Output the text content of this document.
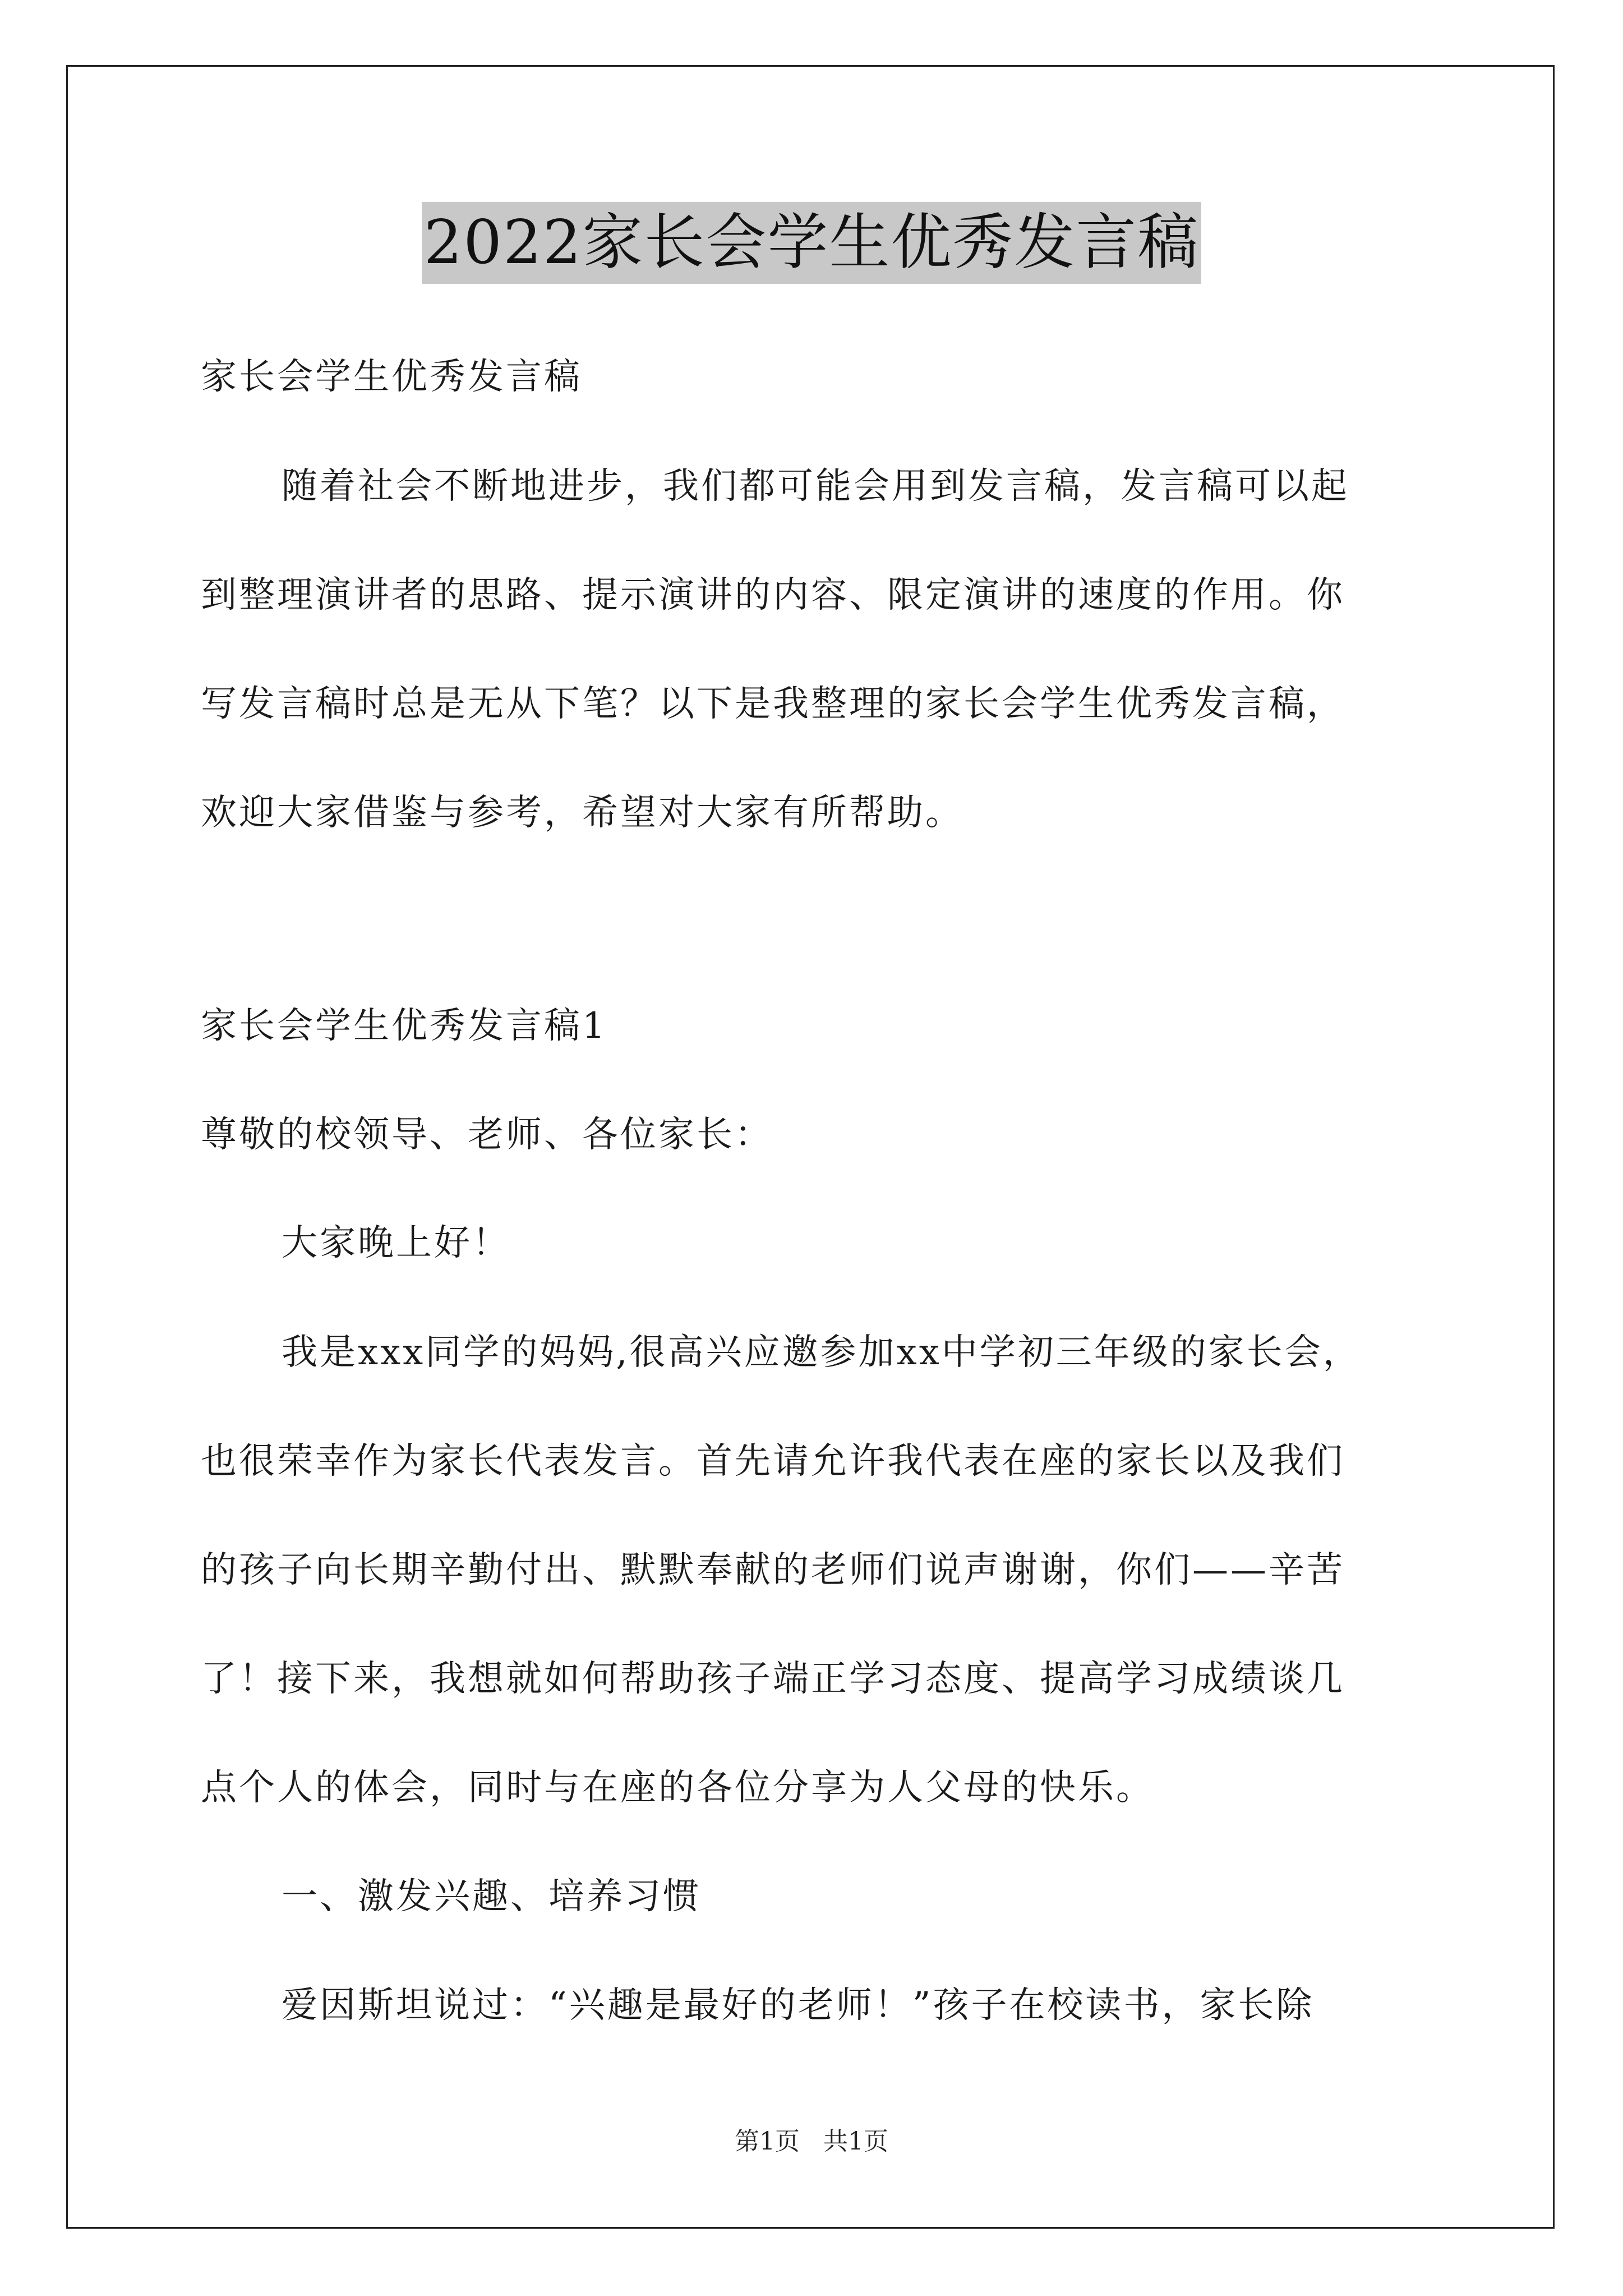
2022家长会学生优秀发言稿
家长会学生优秀发言稿
随着社会不断地进步，我们都可能会用到发言稿，发言稿可以起
到整理演讲者的思路、提示演讲的内容、限定演讲的速度的作用。你
写发言稿时总是无从下笔？以下是我整理的家长会学生优秀发言稿，
欢迎大家借鉴与参考，希望对大家有所帮助。
家长会学生优秀发言稿1
尊敬的校领导、老师、各位家长：
大家晚上好！
我是xxx同学的妈妈,很高兴应邀参加xx中学初三年级的家长会，
也很荣幸作为家长代表发言。首先请允许我代表在座的家长以及我们
的孩子向长期辛勤付出、默默奉献的老师们说声谢谢，你们——辛苦
了！接下来，我想就如何帮助孩子端正学习态度、提高学习成绩谈几
点个人的体会，同时与在座的各位分享为人父母的快乐。
一、激发兴趣、培养习惯
爱因斯坦说过：“兴趣是最好的老师！”孩子在校读书，家长除
第1页   共1页
